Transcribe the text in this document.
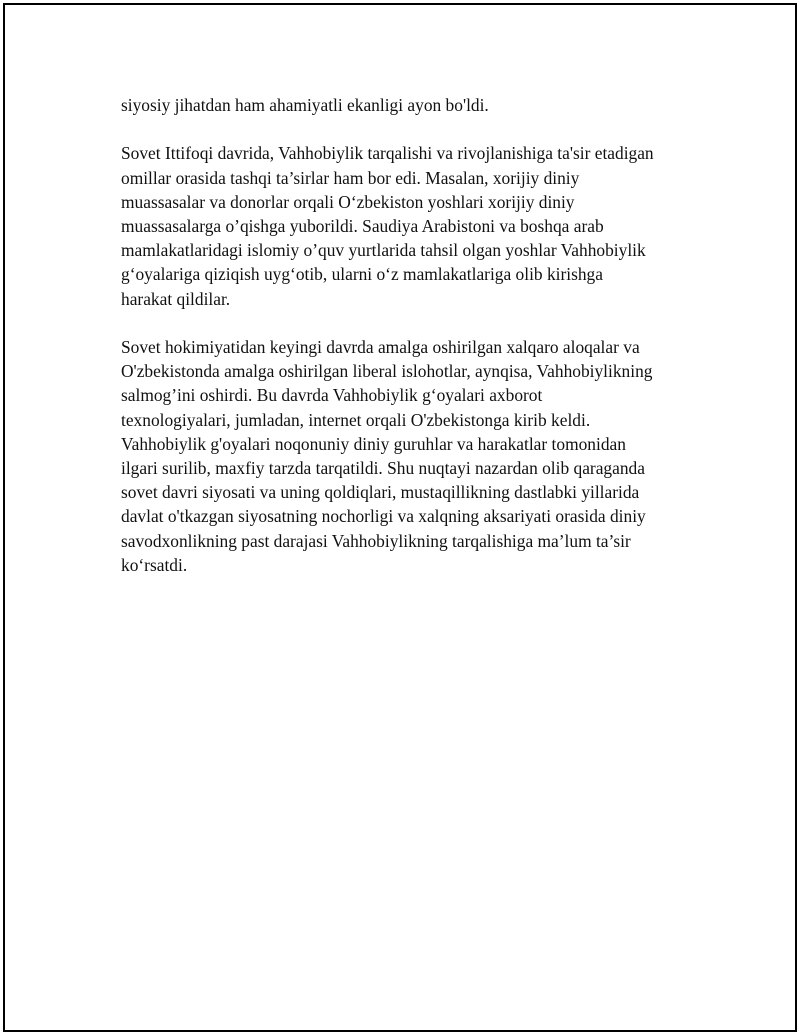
siyosiy jihatdan ham ahamiyatli ekanligi ayon bo'ldi.

Sovet Ittifoqi davrida, Vahhobiylik tarqalishi va rivojlanishiga ta'sir etadigan
omillar orasida tashqi ta’sirlar ham bor edi. Masalan, xorijiy diniy
muassasalar va donorlar orqali O‘zbekiston yoshlari xorijiy diniy
muassasalarga o’qishga yuborildi. Saudiya Arabistoni va boshqa arab
mamlakatlaridagi islomiy o’quv yurtlarida tahsil olgan yoshlar Vahhobiylik
g‘oyalariga qiziqish uyg‘otib, ularni o‘z mamlakatlariga olib kirishga
harakat qildilar.

Sovet hokimiyatidan keyingi davrda amalga oshirilgan xalqaro aloqalar va
O'zbekistonda amalga oshirilgan liberal islohotlar, aynqisa, Vahhobiylikning
salmog’ini oshirdi. Bu davrda Vahhobiylik g‘oyalari axborot
texnologiyalari, jumladan, internet orqali O'zbekistonga kirib keldi.
Vahhobiylik g'oyalari noqonuniy diniy guruhlar va harakatlar tomonidan
ilgari surilib, maxfiy tarzda tarqatildi. Shu nuqtayi nazardan olib qaraganda
sovet davri siyosati va uning qoldiqlari, mustaqillikning dastlabki yillarida
davlat o'tkazgan siyosatning nochorligi va xalqning aksariyati orasida diniy
savodxonlikning past darajasi Vahhobiylikning tarqalishiga ma’lum ta’sir
ko‘rsatdi.
